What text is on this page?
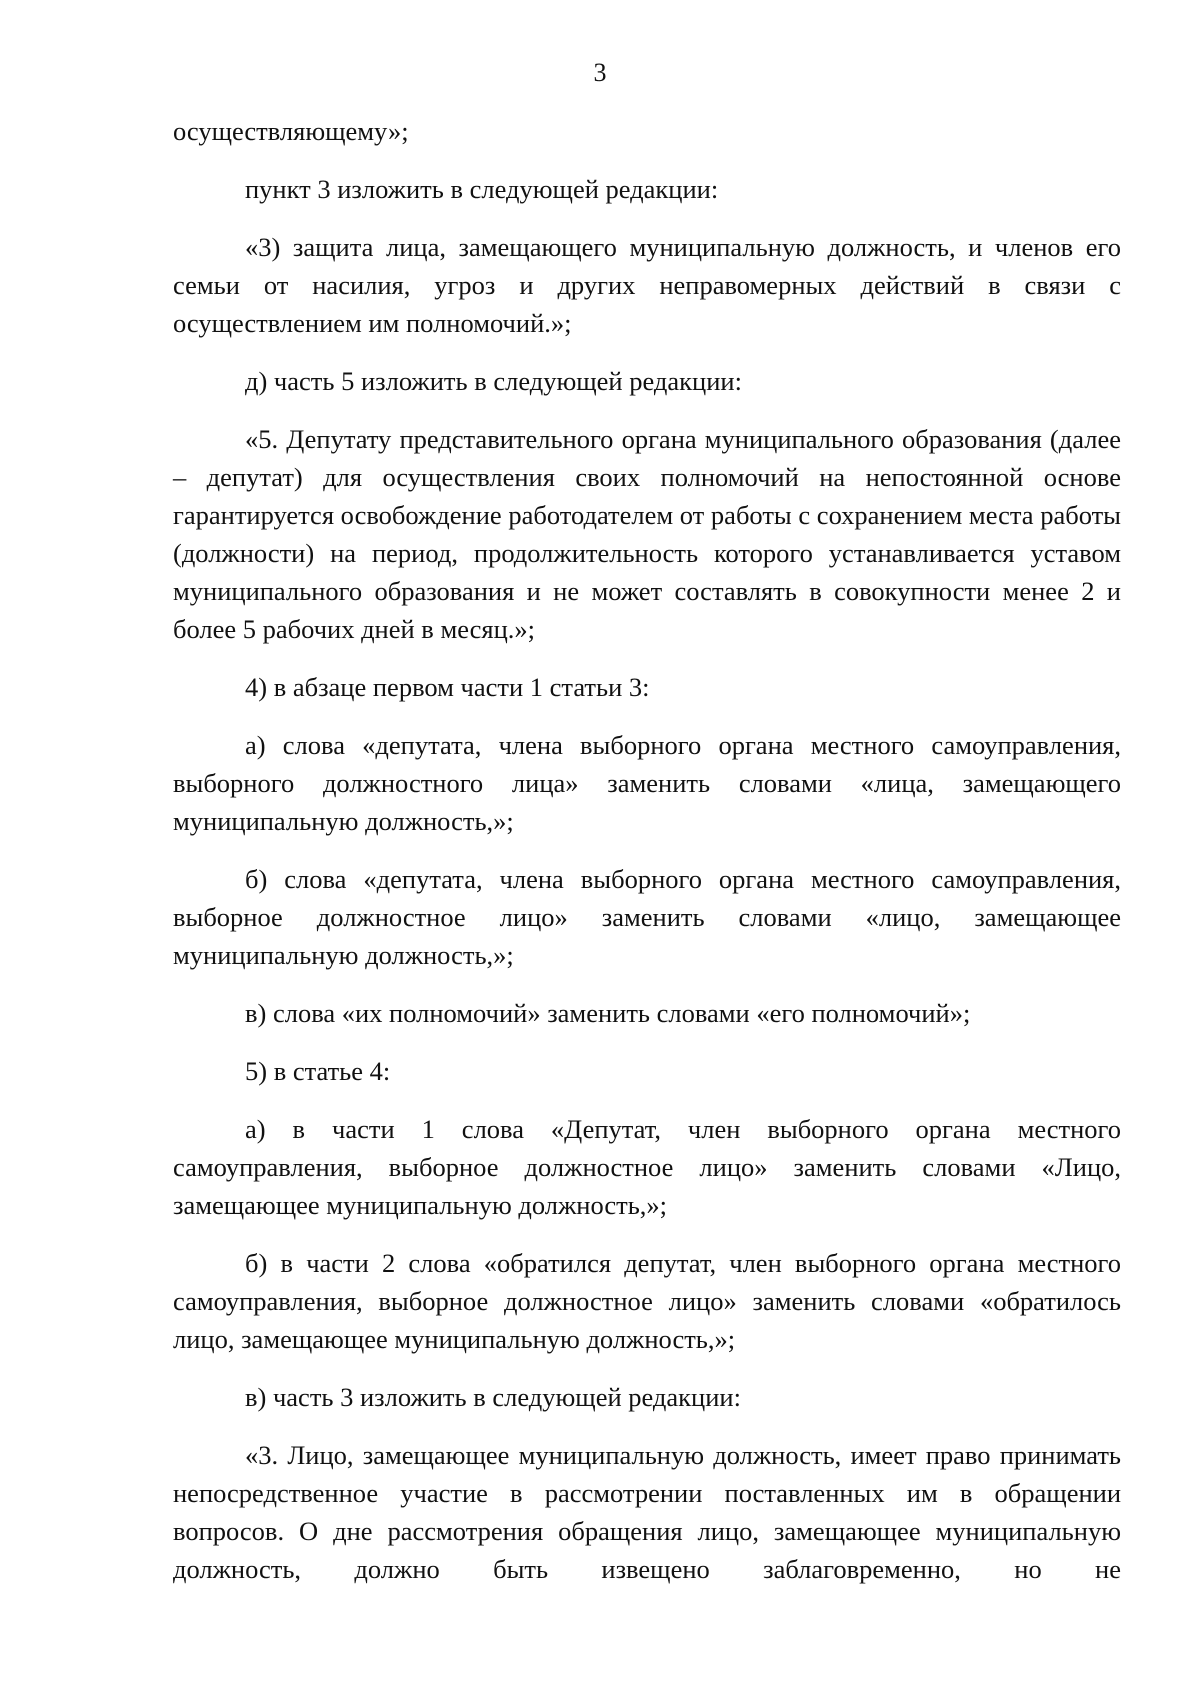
3

осуществляющему»;

пункт 3 изложить в следующей редакции:

«3) защита лица, замещающего муниципальную должность, и членов его семьи от насилия, угроз и других неправомерных действий в связи с осуществлением им полномочий.»;

д) часть 5 изложить в следующей редакции:

«5. Депутату представительного органа муниципального образования (далее – депутат) для осуществления своих полномочий на непостоянной основе гарантируется освобождение работодателем от работы с сохранением места работы (должности) на период, продолжительность которого устанавливается уставом муниципального образования и не может составлять в совокупности менее 2 и более 5 рабочих дней в месяц.»;

4) в абзаце первом части 1 статьи 3:

а) слова «депутата, члена выборного органа местного самоуправления, выборного должностного лица» заменить словами «лица, замещающего муниципальную должность,»;

б) слова «депутата, члена выборного органа местного самоуправления, выборное должностное лицо» заменить словами «лицо, замещающее муниципальную должность,»;

в) слова «их полномочий» заменить словами «его полномочий»;

5) в статье 4:

а) в части 1 слова «Депутат, член выборного органа местного самоуправления, выборное должностное лицо» заменить словами «Лицо, замещающее муниципальную должность,»;

б) в части 2 слова «обратился депутат, член выборного органа местного самоуправления, выборное должностное лицо» заменить словами «обратилось лицо, замещающее муниципальную должность,»;

в) часть 3 изложить в следующей редакции:

«3. Лицо, замещающее муниципальную должность, имеет право принимать непосредственное участие в рассмотрении поставленных им в обращении вопросов. О дне рассмотрения обращения лицо, замещающее муниципальную должность, должно быть извещено заблаговременно, но не
